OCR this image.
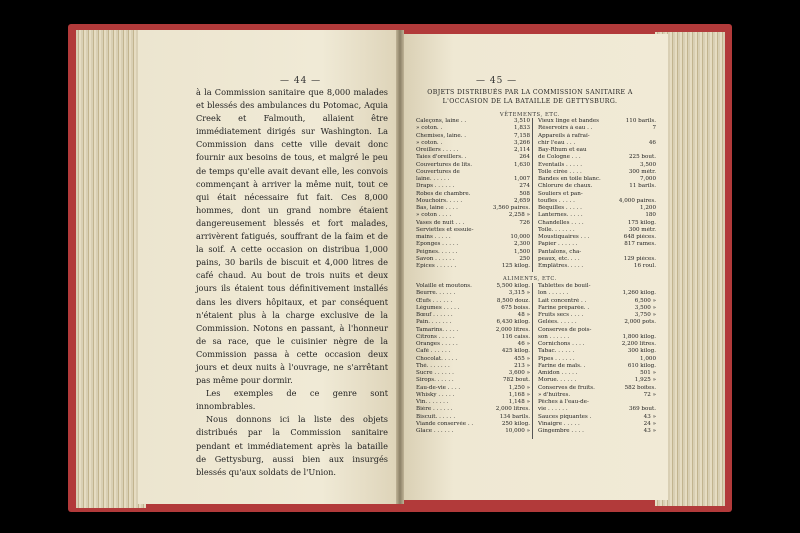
— 44 —	— 45 —

à la Commission sanitaire que 8,000 malades et blessés des ambulances du Potomac, Aquia Creek et Falmouth, allaient être immédiatement dirigés sur Washington. La Commission dans cette ville devait donc fournir aux besoins de tous, et malgré le peu de temps qu'elle avait devant elle, les convois commençant à arriver la même nuit, tout ce qui était nécessaire fut fait. Ces 8,000 hommes, dont un grand nombre étaient dangereusement blessés et fort malades, arrivèrent fatigués, souffrant de la faim et de la soif. A cette occasion on distribua 1,000 pains, 30 barils de biscuit et 4,000 litres de café chaud. Au bout de trois nuits et deux jours ils étaient tous définitivement installés dans les divers hôpitaux, et par conséquent n'étaient plus à la charge exclusive de la Commission. Notons en passant, à l'honneur de sa race, que le cuisinier nègre de la Commission passa à cette occasion deux jours et deux nuits à l'ouvrage, ne s'arrêtant pas même pour dormir.

Les exemples de ce genre sont innombrables.

Nous donnons ici la liste des objets distribués par la Commission sanitaire pendant et immédiatement après la bataille de Gettysburg, aussi bien aux insurgés blessés qu'aux soldats de l'Union.

OBJETS DISTRIBUÉS PAR LA COMMISSION SANITAIRE A L'OCCASION DE LA BATAILLE DE GETTYSBURG.
VÊTEMENTS, ETC.
Caleçons, laine . .	3,510
» coton. .	1,833
Chemises, laine. .	7,158
» coton. .	3,266
Oreillers . . . . .	2,114
Taies d'oreillers. .	264
Couvertures de lits.	1,630
Couvertures de
laine. . . . . .	1,007
Draps . . . . . .	274
Robes de chambre.	508
Mouchoirs. . . . .	2,659
Bas, laine . . . .	3,560 paires.
» coton . . . .	2,258 »
Vases de nuit . . .	726
Serviettes et essuie-
mains . . . . .	10,000
Éponges . . . . .	2,300
Peignes. . . . . .	1,500
Savon . . . . . .	250
Épices . . . . . .	125 kilog.
Vieux linge et bandes	110 barils.
Réservoirs à eau . .	7
Appareils à rafraî-
chir l'eau . . .	46
Bay-Rhum et eau
de Cologne . . .	225 bout.
Éventails . . . . .	3,500
Toile cirée . . . .	300 mètr.
Bandes en toile blanc.	7,000
Chlorure de chaux.	11 barils.
Souliers et pan-
toufles . . . . .	4,000 paires.
Béquilles . . . . .	1,200
Lanternes. . . . .	180
Chandelles . . . .	175 kilog.
Toile. . . . . . .	300 mètr.
Moustiquaires . . .	648 pièces.
Papier . . . . . .	817 rames.
Pantalons, cha-
peaux, etc. . . .	129 pièces.
Emplâtres. . . . .	16 roul.
ALIMENTS, ETC.
Volaille et moutons.	5,500 kilog.
Beurre. . . . . .	3,315 »
Œufs . . . . . .	8,500 douz.
Légumes . . . . .	675 boiss.
Bœuf . . . . . .	48 »
Pain. . . . . . .	6,430 kilog.
Tamarins. . . . .	2,000 litres.
Citrons . . . . .	116 caiss.
Oranges . . . . .	46 »
Café . . . . . .	425 kilog.
Chocolat. . . . .	455 »
Thé. . . . . . .	213 »
Sucre . . . . . .	3,600 »
Sirops. . . . . .	782 bout.
Eau-de-vie . . . .	1,250 »
Whisky . . . . .	1,168 »
Vin. . . . . . .	1,148 »
Bière . . . . . .	2,000 litres.
Biscuit. . . . . .	134 barils.
Viande conservée . .	250 kilog.
Glace . . . . . .	10,000 »
Tablettes de bouil-
lon . . . . . .	1,260 kilog.
Lait concentré . .	6,500 »
Farine préparée. .	3,500 »
Fruits secs . . . .	3,750 »
Gelées. . . . . .	2,000 pots.
Conserves de pois-
son . . . . . .	1,800 kilog.
Cornichons . . . .	2,200 litres.
Tabac. . . . . .	300 kilog.
Pipes . . . . . .	1,000
Farine de maïs. .	610 kilog.
Amidon . . . . .	501 »
Morue. . . . . .	1,925 »
Conserves de fruits.	582 boîtes.
» d'huîtres.	72 »
Pêches à l'eau-de-
vie . . . . . .	369 bout.
Sauces piquantes .	43 »
Vinaigre . . . . .	24 »
Gingembre . . . .	43 »
